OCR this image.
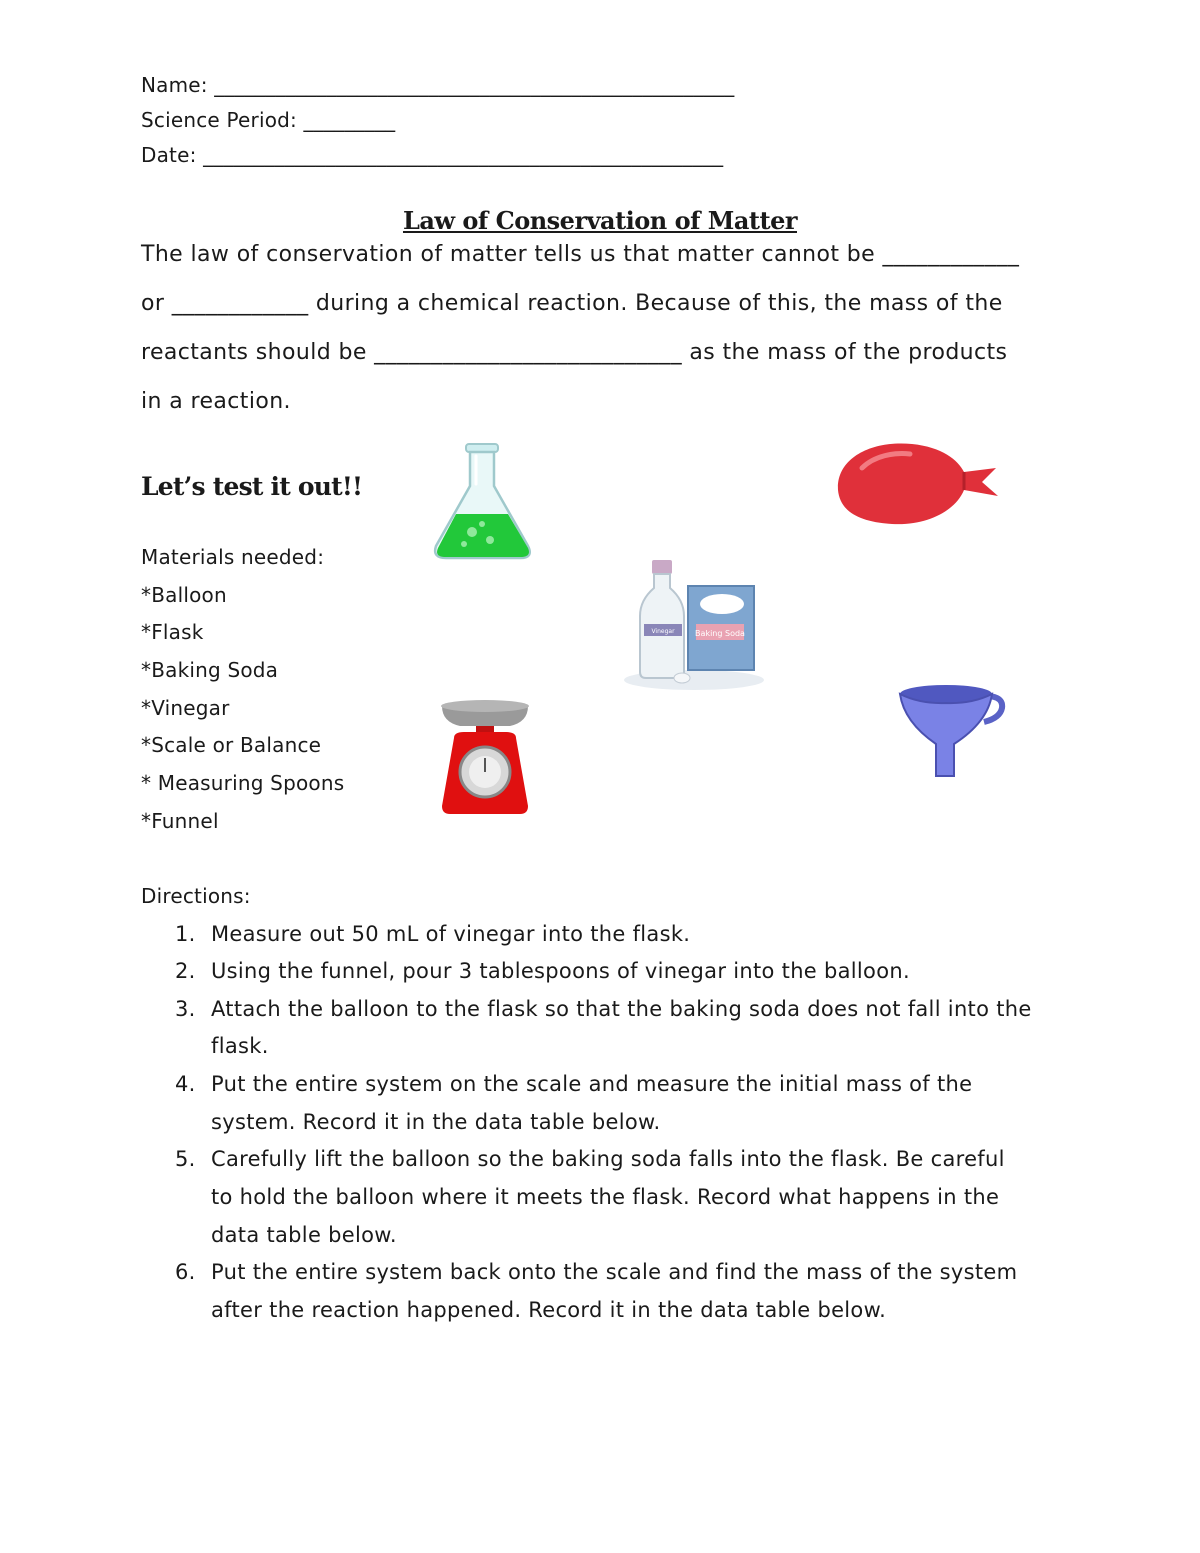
Name: ___________________________________________________
Science Period: _________
Date: ___________________________________________________
Law of Conservation of Matter
The law of conservation of matter tells us that matter cannot be ____________
or ____________ during a chemical reaction. Because of this, the mass of the
reactants should be ___________________________ as the mass of the products
in a reaction.
Let’s test it out!!
Materials needed:
*Balloon
*Flask
*Baking Soda
*Vinegar
*Scale or Balance
* Measuring Spoons
*Funnel
Vinegar	Baking Soda
Directions:
1. Measure out 50 mL of vinegar into the flask.
2. Using the funnel, pour 3 tablespoons of vinegar into the balloon.
3. Attach the balloon to the flask so that the baking soda does not fall into the
flask.
4. Put the entire system on the scale and measure the initial mass of the
system. Record it in the data table below.
5. Carefully lift the balloon so the baking soda falls into the flask. Be careful
to hold the balloon where it meets the flask. Record what happens in the
data table below.
6. Put the entire system back onto the scale and find the mass of the system
after the reaction happened. Record it in the data table below.
